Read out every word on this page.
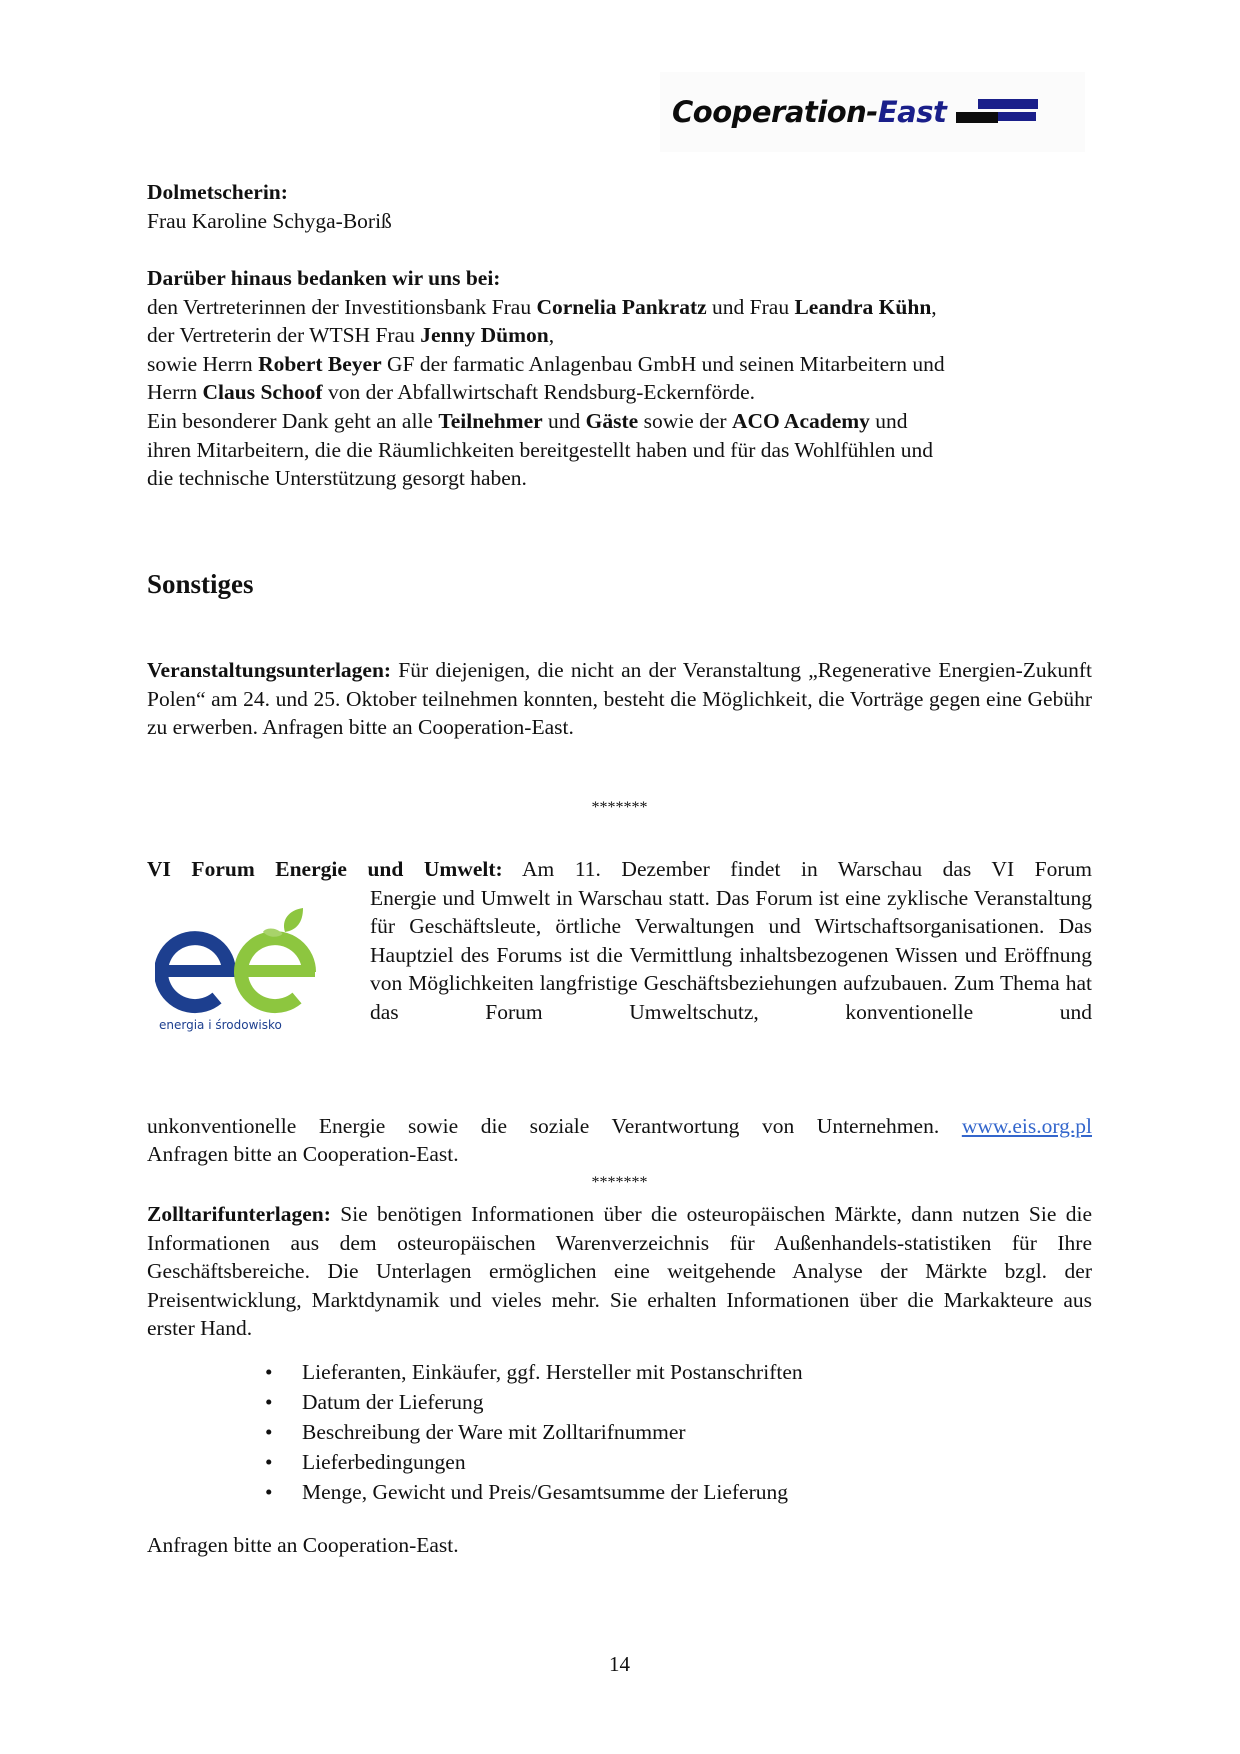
Cooperation-East
Dolmetscherin:
Frau Karoline Schyga-Boriß
Darüber hinaus bedanken wir uns bei:
den Vertreterinnen der Investitionsbank Frau Cornelia Pankratz und Frau Leandra Kühn,
der Vertreterin der WTSH Frau Jenny Dümon,
sowie Herrn Robert Beyer GF der farmatic Anlagenbau GmbH und seinen Mitarbeitern und
Herrn Claus Schoof von der Abfallwirtschaft Rendsburg-Eckernförde.
Ein besonderer Dank geht an alle Teilnehmer und Gäste sowie der ACO Academy und
ihren Mitarbeitern, die die Räumlichkeiten bereitgestellt haben und für das Wohlfühlen und
die technische Unterstützung gesorgt haben.
Sonstiges
Veranstaltungsunterlagen: Für diejenigen, die nicht an der Veranstaltung „Regenerative Energien-Zukunft Polen“ am 24. und 25. Oktober teilnehmen konnten, besteht die Möglichkeit, die Vorträge gegen eine Gebühr zu erwerben. Anfragen bitte an Cooperation-East.
*******
VI Forum Energie und Umwelt: Am 11. Dezember findet in Warschau das VI Forum
energia i środowisko
Energie und Umwelt in Warschau statt. Das Forum ist eine zyklische Veranstaltung für Geschäftsleute, örtliche Verwaltungen und Wirtschaftsorganisationen. Das Hauptziel des Forums ist die Vermittlung inhaltsbezogenen Wissen und Eröffnung von Möglichkeiten langfristige Geschäftsbeziehungen aufzubauen. Zum Thema hat das Forum Umweltschutz, konventionelle und
unkonventionelle Energie sowie die soziale Verantwortung von Unternehmen. www.eis.org.pl
Anfragen bitte an Cooperation-East.
*******
Zolltarifunterlagen: Sie benötigen Informationen über die osteuropäischen Märkte, dann nutzen Sie die Informationen aus dem osteuropäischen Warenverzeichnis für Außenhandels-statistiken für Ihre Geschäftsbereiche. Die Unterlagen ermöglichen eine weitgehende Analyse der Märkte bzgl. der Preisentwicklung, Marktdynamik und vieles mehr. Sie erhalten Informationen über die Markakteure aus erster Hand.
• Lieferanten, Einkäufer, ggf. Hersteller mit Postanschriften
• Datum der Lieferung
• Beschreibung der Ware mit Zolltarifnummer
• Lieferbedingungen
• Menge, Gewicht und Preis/Gesamtsumme der Lieferung
Anfragen bitte an Cooperation-East.
14
